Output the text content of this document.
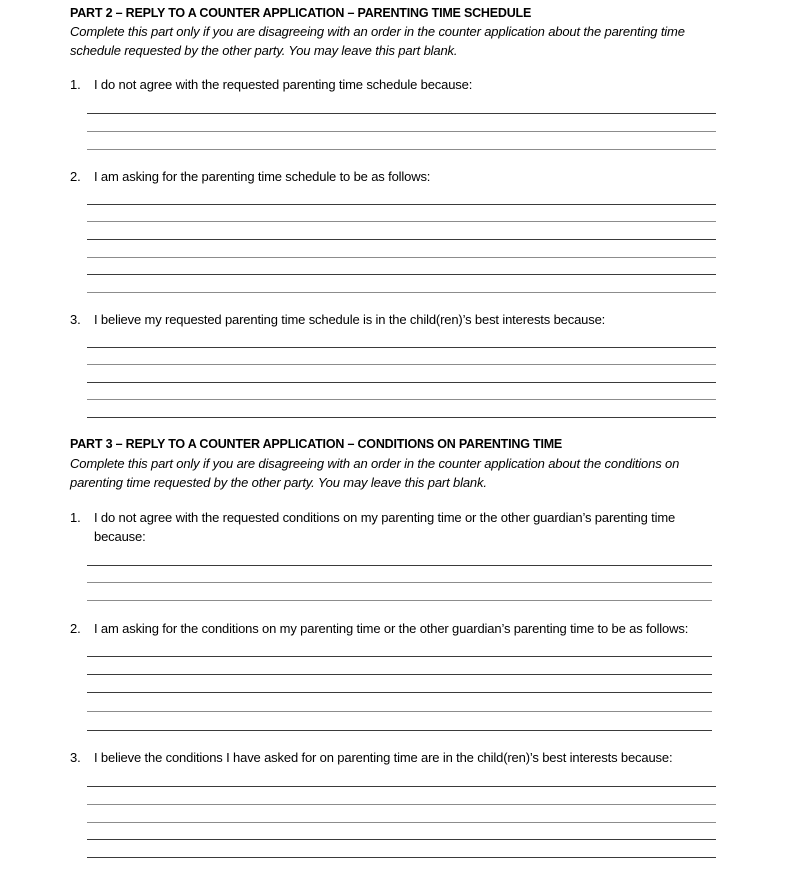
PART 2 – REPLY TO A COUNTER APPLICATION – PARENTING TIME SCHEDULE
Complete this part only if you are disagreeing with an order in the counter application about the parenting time
schedule requested by the other party. You may leave this part blank.
1. I do not agree with the requested parenting time schedule because:
2. I am asking for the parenting time schedule to be as follows:
3. I believe my requested parenting time schedule is in the child(ren)’s best interests because:
PART 3 – REPLY TO A COUNTER APPLICATION – CONDITIONS ON PARENTING TIME
Complete this part only if you are disagreeing with an order in the counter application about the conditions on
parenting time requested by the other party. You may leave this part blank.
1. I do not agree with the requested conditions on my parenting time or the other guardian’s parenting time
because:
2. I am asking for the conditions on my parenting time or the other guardian’s parenting time to be as follows:
3. I believe the conditions I have asked for on parenting time are in the child(ren)’s best interests because:
